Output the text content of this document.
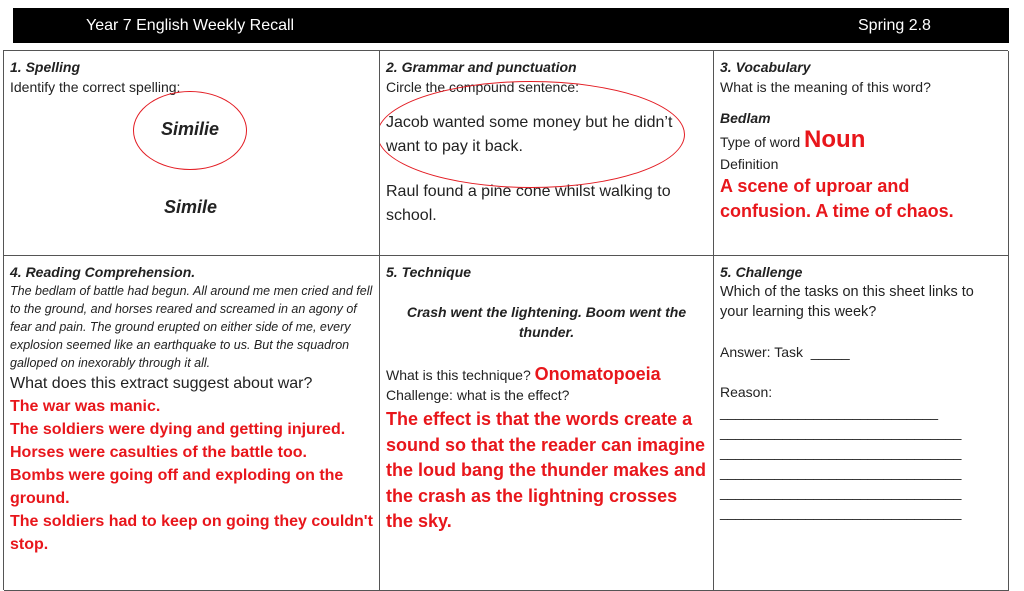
Year 7 English Weekly Recall	Spring 2.8
1. Spelling
Identify the correct spelling:
Similie
Simile
2. Grammar and punctuation
Circle the compound sentence:
Jacob wanted some money but he didn’t want to pay it back.
Raul found a pine cone whilst walking to school.
3. Vocabulary
What is the meaning of this word?
Bedlam
Type of word Noun
Definition
A scene of uproar and confusion. A time of chaos.
4. Reading Comprehension.
The bedlam of battle had begun. All around me men cried and fell to the ground, and horses reared and screamed in an agony of fear and pain. The ground erupted on either side of me, every explosion seemed like an earthquake to us. But the squadron galloped on inexorably through it all.
What does this extract suggest about war?
The war was manic.
The soldiers were dying and getting injured.
Horses were casulties of the battle too.
Bombs were going off and exploding on the ground.
The soldiers had to keep on going they couldn't stop.
5. Technique
Crash went the lightening. Boom went the thunder.
What is this technique? Onomatopoeia
Challenge: what is the effect?
The effect is that the words create a sound so that the reader can imagine the loud bang the thunder makes and the crash as the lightning crosses the sky.
5. Challenge
Which of the tasks on this sheet links to your learning this week?
Answer: Task  _____
Reason:
____________________________
_______________________________
_______________________________
_______________________________
_______________________________
_______________________________
